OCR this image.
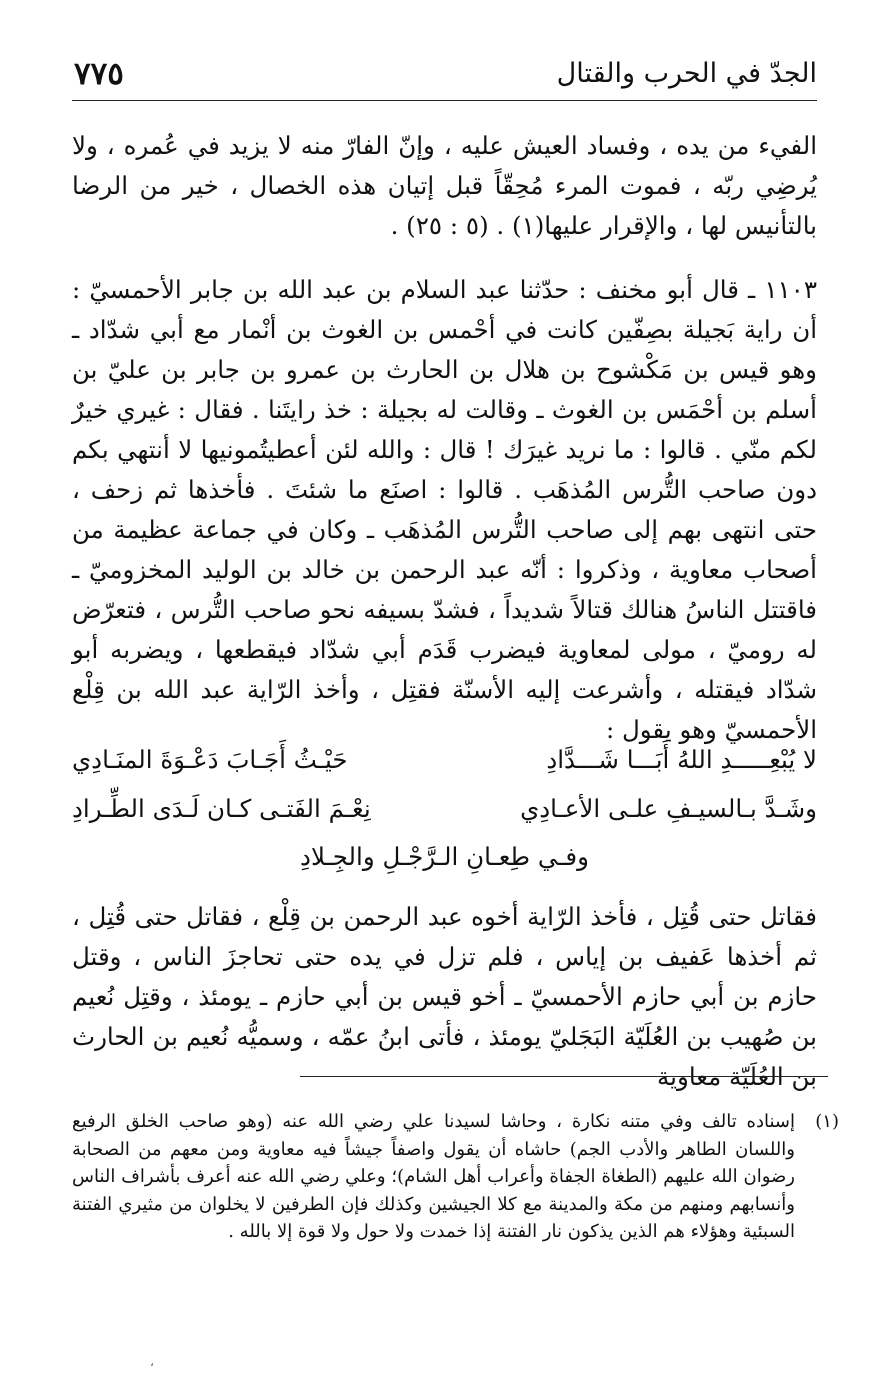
الجدّ في الحرب والقتال
٧٧٥
الفيء من يده ، وفساد العيش عليه ، وإنّ الفارّ منه لا يزيد في عُمره ، ولا يُرضِي ربّه ، فموت المرء مُحِقّاً قبل إتيان هذه الخصال ، خير من الرضا بالتأنيس لها ، والإقرار عليها(١) . (٥ : ٢٥) .
١١٠٣ ـ قال أبو مخنف : حدّثنا عبد السلام بن عبد الله بن جابر الأحمسيّ : أن راية بَجيلة بصِفّين كانت في أحْمس بن الغوث بن أنْمار مع أبي شدّاد ـ وهو قيس بن مَكْشوح بن هلال بن الحارث بن عمرو بن جابر بن عليّ بن أسلم بن أحْمَس بن الغوث ـ وقالت له بجيلة : خذ رايتَنا . فقال : غيري خيرٌ لكم منّي . قالوا : ما نريد غيرَك ! قال : والله لئن أعطيتُمونيها لا أنتهي بكم دون صاحب التُّرس المُذهَب . قالوا : اصنَع ما شئتَ . فأخذها ثم زحف ، حتى انتهى بهم إلى صاحب التُّرس المُذهَب ـ وكان في جماعة عظيمة من أصحاب معاوية ، وذكروا : أنّه عبد الرحمن بن خالد بن الوليد المخزوميّ ـ فاقتتل الناسُ هنالك قتالاً شديداً ، فشدّ بسيفه نحو صاحب التُّرس ، فتعرّض له روميّ ، مولى لمعاوية فيضرب قَدَم أبي شدّاد فيقطعها ، ويضربه أبو شدّاد فيقتله ، وأشرعت إليه الأسنّة فقتِل ، وأخذ الرّاية عبد الله بن قِلْع الأحمسيّ وهو يقول :
لا يُبْعِـــــدِ اللهُ أَبَـــا شَـــدَّادِ
حَيْـثُ أَجَـابَ دَعْـوَةَ المنَـادِي
وشَـدَّ بـالسيـفِ علـى الأعـادِي
نِعْـمَ الفَتـى كـان لَـدَى الطِّـرادِ
وفـي طِعـانِ الـرَّجْـلِ والجِـلادِ
فقاتل حتى قُتِل ، فأخذ الرّاية أخوه عبد الرحمن بن قِلْع ، فقاتل حتى قُتِل ، ثم أخذها عَفيف بن إياس ، فلم تزل في يده حتى تحاجزَ الناس ، وقتل حازم بن أبي حازم الأحمسيّ ـ أخو قيس بن أبي حازم ـ يومئذ ، وقتِل نُعيم بن صُهيب بن العُلَيّة البَجَليّ يومئذ ، فأتى ابنُ عمّه ، وسميُّه نُعيم بن الحارث بن العُلَيّة معاوية
(١)
إسناده تالف وفي متنه نكارة ، وحاشا لسيدنا علي رضي الله عنه (وهو صاحب الخلق الرفيع واللسان الطاهر والأدب الجم) حاشاه أن يقول واصفاً جيشاً فيه معاوية ومن معهم من الصحابة رضوان الله عليهم (الطغاة الجفاة وأعراب أهل الشام)؛ وعلي رضي الله عنه أعرف بأشراف الناس وأنسابهم ومنهم من مكة والمدينة مع كلا الجيشين وكذلك فإن الطرفين لا يخلوان من مثيري الفتنة السبئية وهؤلاء هم الذين يذكون نار الفتنة إذا خمدت ولا حول ولا قوة إلا بالله .
،
